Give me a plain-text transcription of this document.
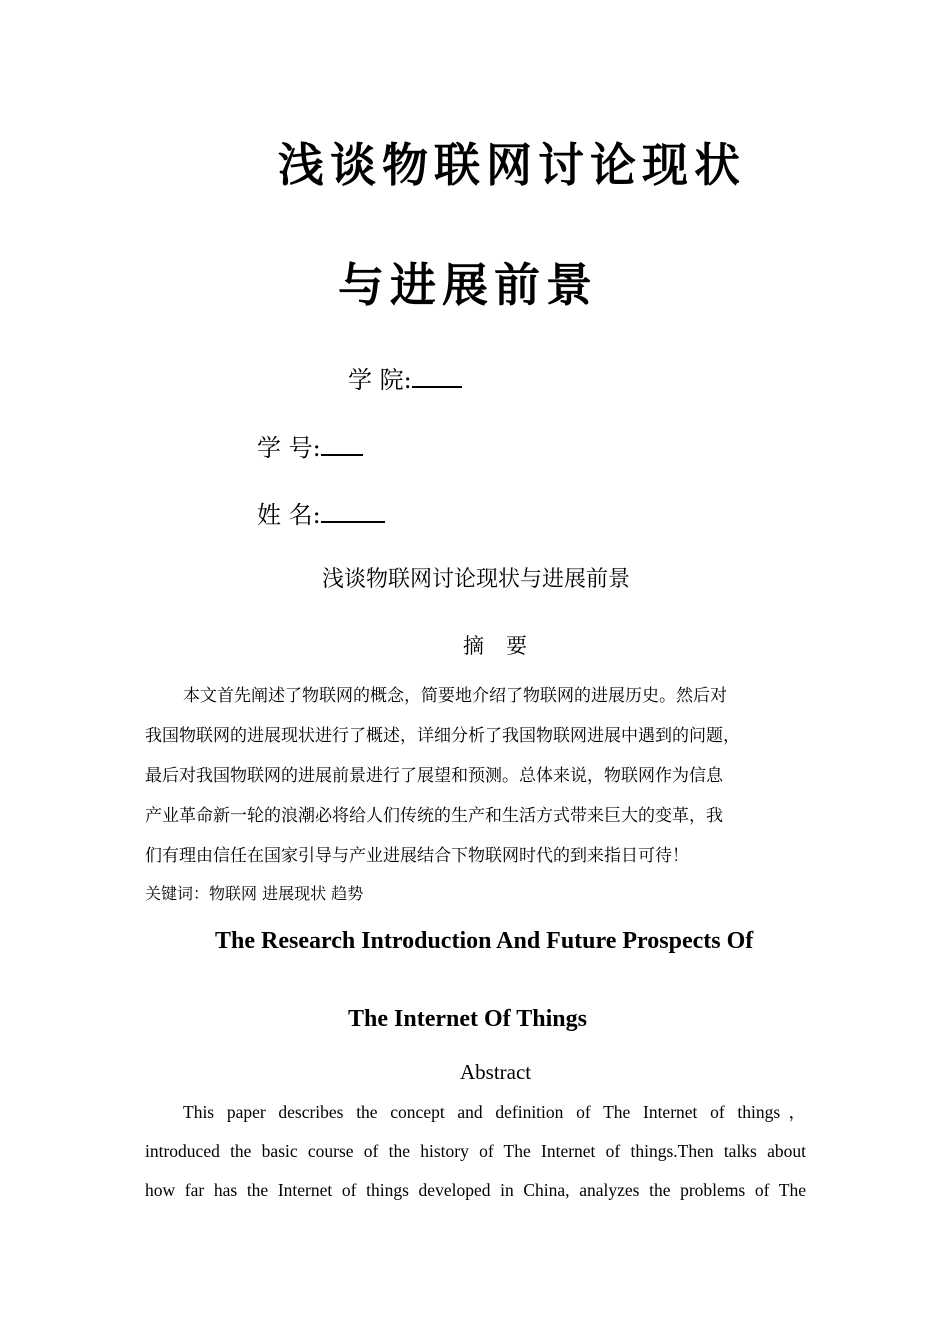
浅谈物联网讨论现状
与进展前景
学 院:
学 号:
姓 名:
浅谈物联网讨论现状与进展前景
摘要
本文首先阐述了物联网的概念，简要地介绍了物联网的进展历史。然后对
我国物联网的进展现状进行了概述，详细分析了我国物联网进展中遇到的问题，
最后对我国物联网的进展前景进行了展望和预测。总体来说，物联网作为信息
产业革命新一轮的浪潮必将给人们传统的生产和生活方式带来巨大的变革，我
们有理由信任在国家引导与产业进展结合下物联网时代的到来指日可待！
关键词：物联网 进展现状 趋势
The Research Introduction And Future Prospects Of
The Internet Of Things
Abstract
This paper describes the concept and definition of The Internet of things，
introduced the basic course of the history of The Internet of things.Then talks about
how far has the Internet of things developed in China, analyzes the problems of The
